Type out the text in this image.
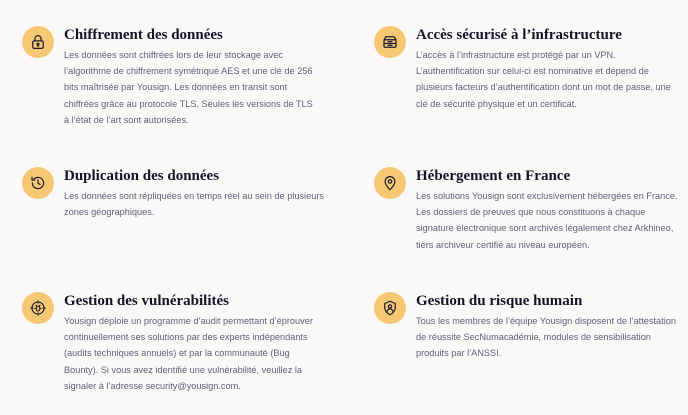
Chiffrement des données

Les données sont chiffrées lors de leur stockage avec l’algorithme de chiffrement symétrique AES et une clé de 256 bits maîtrisée par Yousign. Les données en transit sont chiffrées grâce au protocole TLS. Seules les versions de TLS à l’état de l’art sont autorisées.

Accès sécurisé à l’infrastructure

L’accès à l’infrastructure est protégé par un VPN. L’authentification sur celui-ci est nominative et dépend de plusieurs facteurs d’authentification dont un mot de passe, une clé de sécurité physique et un certificat.

Duplication des données

Les données sont répliquées en temps réel au sein de plusieurs zones géographiques.

Hébergement en France

Les solutions Yousign sont exclusivement hébergées en France. Les dossiers de preuves que nous constituons à chaque signature électronique sont archivés légalement chez Arkhineo, tiers archiveur certifié au niveau européen.

Gestion des vulnérabilités

Yousign déploie un programme d’audit permettant d’éprouver continuellement ses solutions par des experts indépendants (audits techniques annuels) et par la communauté (Bug Bounty). Si vous avez identifié une vulnérabilité, veuillez la signaler à l’adresse security@yousign.com.

Gestion du risque humain

Tous les membres de l’équipe Yousign disposent de l’attestation de réussite SecNumacadémie, modules de sensibilisation produits par l’ANSSI.
